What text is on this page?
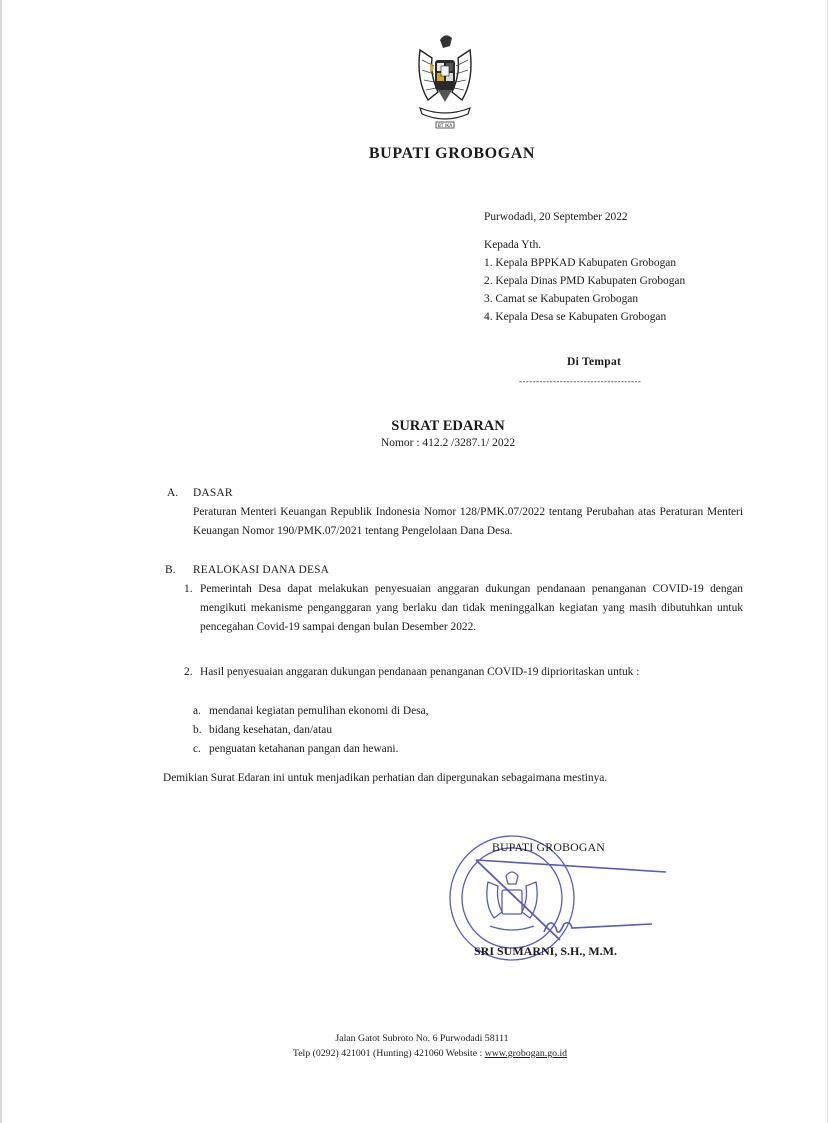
BT IKA
BUPATI GROBOGAN
Purwodadi, 20 September 2022
Kepada Yth.
1. Kepala BPPKAD Kabupaten Grobogan
2. Kepala Dinas PMD Kabupaten Grobogan
3. Camat se Kabupaten Grobogan
4. Kepala Desa se Kabupaten Grobogan
Di Tempat
------------------------------------
SURAT EDARAN
Nomor : 412.2 /3287.1/ 2022
A. DASAR

Peraturan Menteri Keuangan Republik Indonesia Nomor 128/PMK.07/2022 tentang Perubahan atas Peraturan Menteri Keuangan Nomor 190/PMK.07/2021 tentang Pengelolaan Dana Desa.

B. REALOKASI DANA DESA
1. Pemerintah Desa dapat melakukan penyesuaian anggaran dukungan pendanaan penanganan COVID-19 dengan mengikuti mekanisme penganggaran yang berlaku dan tidak meninggalkan kegiatan yang masih dibutuhkan untuk pencegahan Covid-19 sampai dengan bulan Desember 2022.

2. Hasil penyesuaian anggaran dukungan pendanaan penanganan COVID-19 diprioritaskan untuk :

a. mendanai kegiatan pemulihan ekonomi di Desa,
b. bidang kesehatan, dan/atau
c. penguatan ketahanan pangan dan hewani.
Demikian Surat Edaran ini untuk menjadikan perhatian dan dipergunakan sebagaimana mestinya.
BUPATI GROBOGAN
SRI SUMARNI, S.H., M.M.
Jalan Gatot Subroto No. 6 Purwodadi 58111
Telp (0292) 421001 (Hunting) 421060 Website : www.grobogan.go.id
